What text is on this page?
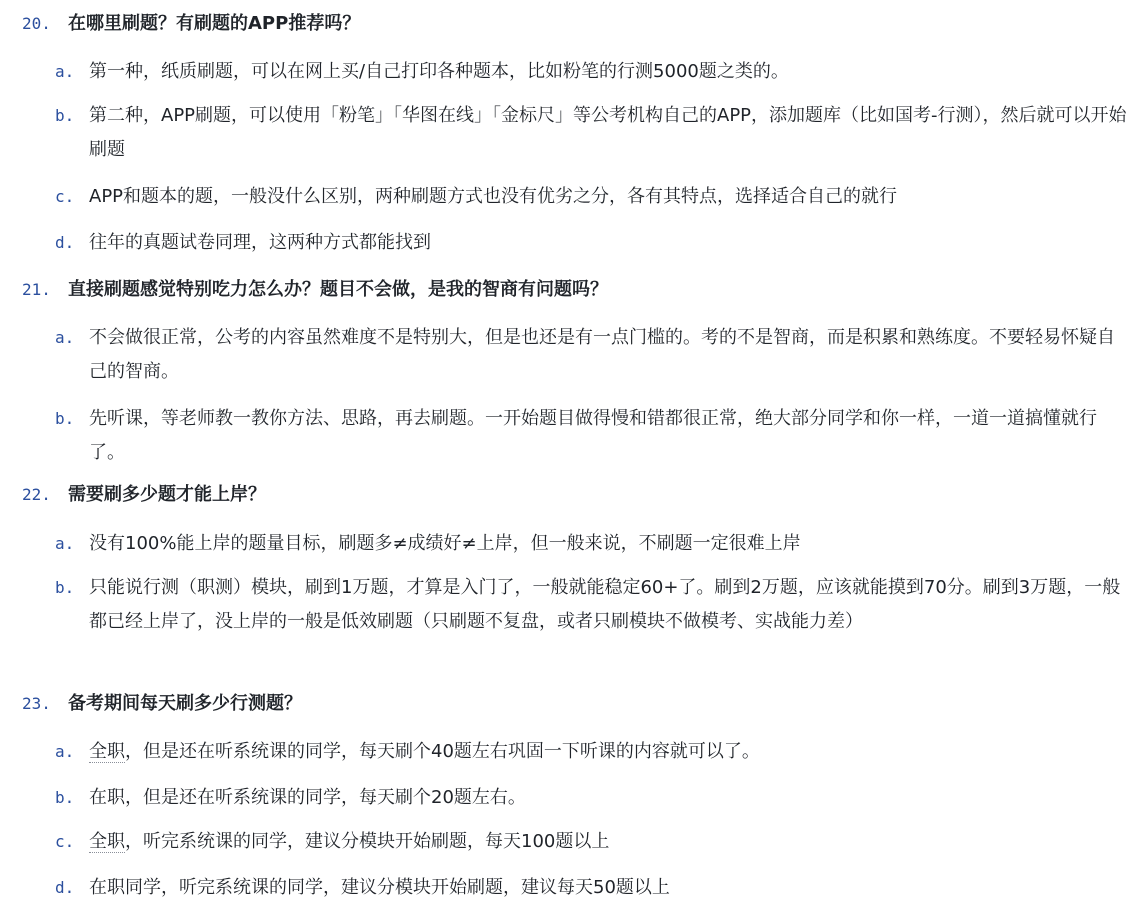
20. 在哪里刷题？有刷题的APP推荐吗？
a. 第一种，纸质刷题，可以在网上买/自己打印各种题本，比如粉笔的行测5000题之类的。
b. 第二种，APP刷题，可以使用「粉笔」「华图在线」「金标尺」等公考机构自己的APP，添加题库（比如国考-行测），然后就可以开始刷题
c. APP和题本的题，一般没什么区别，两种刷题方式也没有优劣之分，各有其特点，选择适合自己的就行
d. 往年的真题试卷同理，这两种方式都能找到
21. 直接刷题感觉特别吃力怎么办？题目不会做，是我的智商有问题吗？
a. 不会做很正常，公考的内容虽然难度不是特别大，但是也还是有一点门槛的。考的不是智商，而是积累和熟练度。不要轻易怀疑自己的智商。
b. 先听课，等老师教一教你方法、思路，再去刷题。一开始题目做得慢和错都很正常，绝大部分同学和你一样，一道一道搞懂就行了。
22. 需要刷多少题才能上岸？
a. 没有100%能上岸的题量目标，刷题多≠成绩好≠上岸，但一般来说，不刷题一定很难上岸
b. 只能说行测（职测）模块，刷到1万题，才算是入门了，一般就能稳定60+了。刷到2万题，应该就能摸到70分。刷到3万题，一般都已经上岸了，没上岸的一般是低效刷题（只刷题不复盘，或者只刷模块不做模考、实战能力差）
23. 备考期间每天刷多少行测题？
a. 全职，但是还在听系统课的同学，每天刷个40题左右巩固一下听课的内容就可以了。
b. 在职，但是还在听系统课的同学，每天刷个20题左右。
c. 全职，听完系统课的同学，建议分模块开始刷题，每天100题以上
d. 在职同学，听完系统课的同学，建议分模块开始刷题，建议每天50题以上
